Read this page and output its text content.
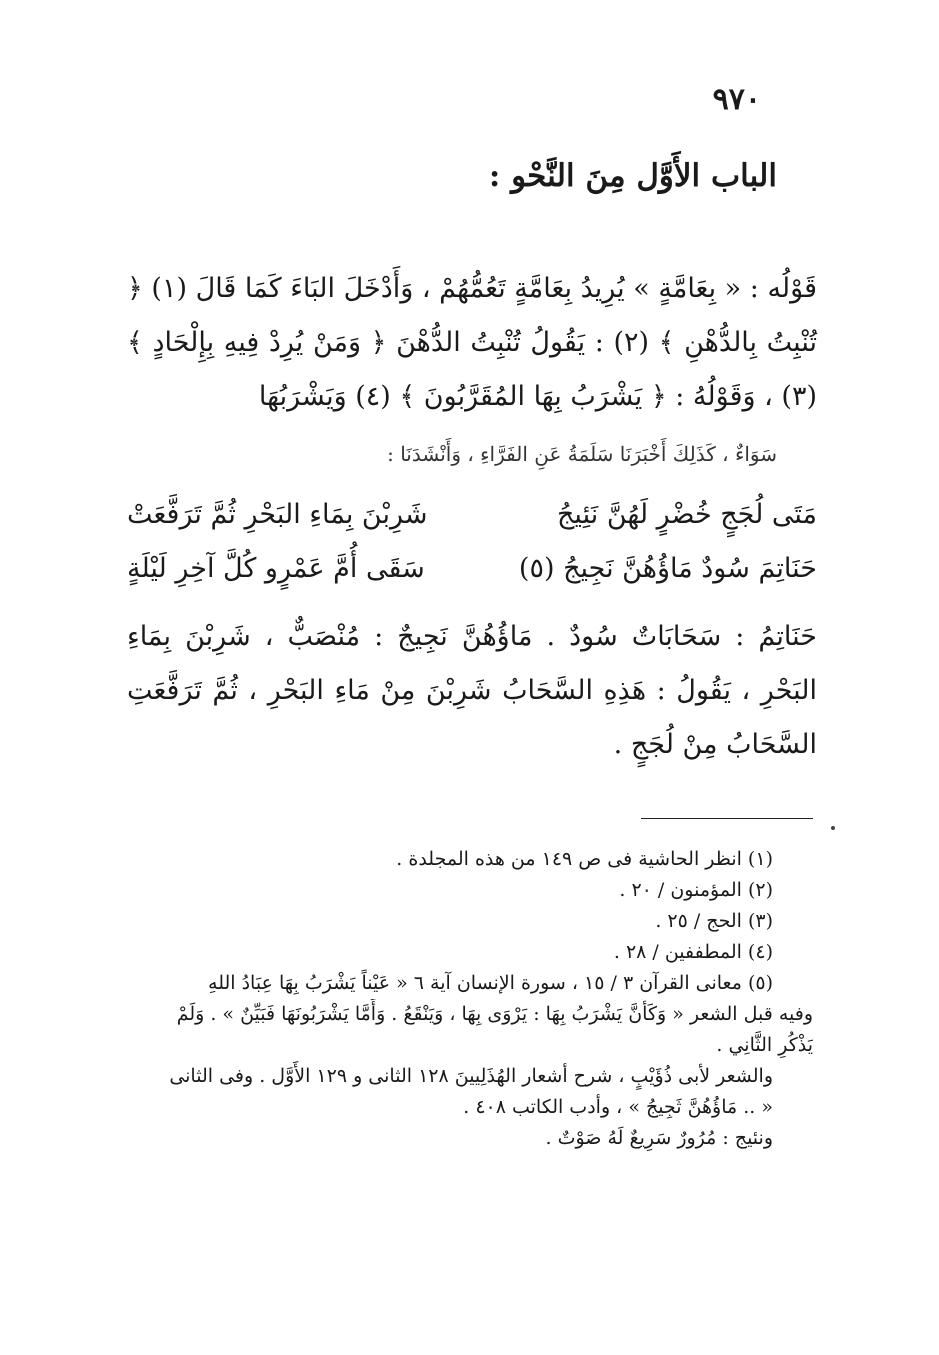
٩٧٠
الباب الأَوَّل مِنَ النَّحْو :
قَوْلُه : « بِعَامَّةٍ » يُرِيدُ بِعَامَّةٍ تَعُمُّهُمْ ، وَأَدْخَلَ البَاءَ كَمَا قَالَ (١) ﴿ تُنْبِتُ بِالدُّهْنِ ﴾ (٢) : يَقُولُ تُنْبِتُ الدُّهْنَ ﴿ وَمَنْ يُرِدْ فِيهِ بِإِلْحَادٍ ﴾ (٣) ، وَقَوْلُهُ : ﴿ يَشْرَبُ بِهَا المُقَرَّبُونَ ﴾ (٤) وَيَشْرَبُهَا
سَوَاءٌ ، كَذَلِكَ أَخْبَرَنَا سَلَمَةُ عَنِ الفَرَّاءِ ، وَأَنْشَدَنَا :
شَرِبْنَ بِمَاءِ البَحْرِ ثُمَّ تَرَفَّعَتْ	مَتَى لُجَجٍ خُضْرٍ لَهُنَّ نَئِيجُ
سَقَى أُمَّ عَمْرٍو كُلَّ آخِرِ لَيْلَةٍ	حَنَاتِمَ سُودٌ مَاؤُهُنَّ نَجِيجُ (٥)
حَنَاتِمُ : سَحَابَاتٌ سُودٌ . مَاؤُهُنَّ نَجِيجٌ : مُنْصَبٌّ ، شَرِبْنَ بِمَاءِ البَحْرِ ، يَقُولُ : هَذِهِ السَّحَابُ شَرِبْنَ مِنْ مَاءِ البَحْرِ ، ثُمَّ تَرَفَّعَتِ السَّحَابُ مِنْ لُجَجٍ .
(١) انظر الحاشية فى ص ١٤٩ من هذه المجلدة .
(٢) المؤمنون / ٢٠ .
(٣) الحج / ٢٥ .
(٤) المطففين / ٢٨ .
(٥) معانى القرآن ٣ / ١٥ ، سورة الإنسان آية ٦ « عَيْناً يَشْرَبُ بِهَا عِبَادُ اللهِ
وفيه قبل الشعر « وَكَأَنَّ يَشْرَبُ بِهَا : يَرْوَى بِهَا ، وَيَنْقَعُ . وَأَمَّا يَشْرَبُونَهَا فَبَيِّنٌ » . وَلَمْ
يَذْكُرِ الثَّانِي .
والشعر لأبى ذُؤَيْبٍ ، شرح أشعار الهُذَلِيينَ ١٢٨ الثانى و ١٢٩ الأَوَّل . وفى الثانى
« .. مَاؤُهُنَّ ثَجِيجُ » ، وأدب الكاتب ٤٠٨ .
ونئيج : مُرُورٌ سَرِيعٌ لَهُ صَوْتٌ .
